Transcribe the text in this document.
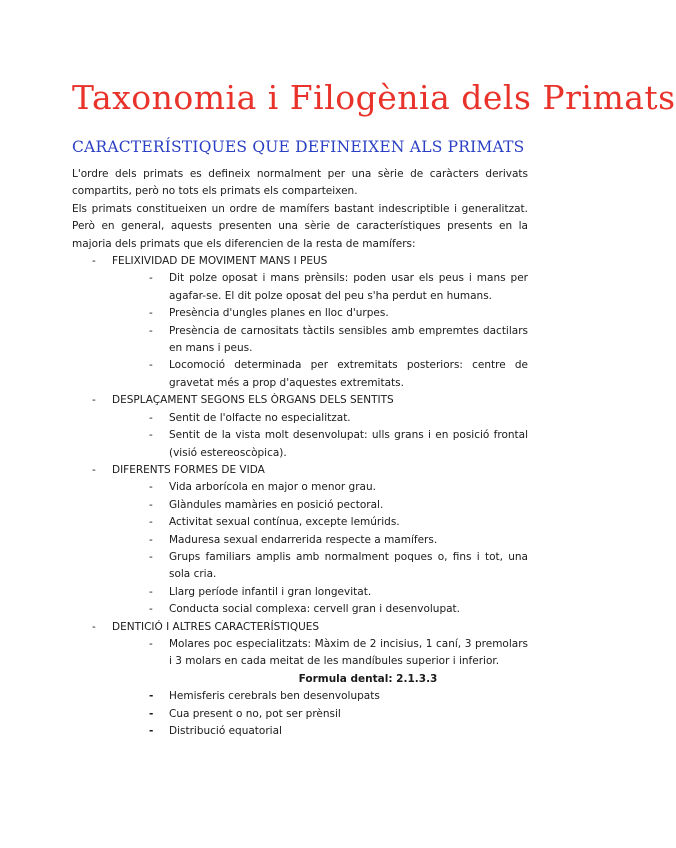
Taxonomia i Filogènia dels Primats
CARACTERÍSTIQUES QUE DEFINEIXEN ALS PRIMATS

L'ordre dels primats es defineix normalment per una sèrie de caràcters derivats compartits, però no tots els primats els comparteixen.

Els primats constitueixen un ordre de mamífers bastant indescriptible i generalitzat. Però en general, aquests presenten una sèrie de característiques presents en la majoria dels primats que els diferencien de la resta de mamífers:

- FELIXIVIDAD DE MOVIMENT MANS I PEUS
- Dit polze oposat i mans prènsils: poden usar els peus i mans per agafar-se. El dit polze oposat del peu s'ha perdut en humans.
- Presència d'ungles planes en lloc d'urpes.
- Presència de carnositats tàctils sensibles amb empremtes dactilars en mans i peus.
- Locomoció determinada per extremitats posteriors: centre de gravetat més a prop d'aquestes extremitats.
- DESPLAÇAMENT SEGONS ELS ÒRGANS DELS SENTITS
- Sentit de l'olfacte no especialitzat.
- Sentit de la vista molt desenvolupat: ulls grans i en posició frontal (visió estereoscòpica).
- DIFERENTS FORMES DE VIDA
- Vida arborícola en major o menor grau.
- Glàndules mamàries en posició pectoral.
- Activitat sexual contínua, excepte lemúrids.
- Maduresa sexual endarrerida respecte a mamífers.
- Grups familiars amplis amb normalment poques o, fins i tot, una sola cria.
- Llarg període infantil i gran longevitat.
- Conducta social complexa: cervell gran i desenvolupat.
- DENTICIÓ I ALTRES CARACTERÍSTIQUES
- Molares poc especialitzats: Màxim de 2 incisius, 1 caní, 3 premolars i 3 molars en cada meitat de les mandíbules superior i inferior.
Formula dental: 2.1.3.3
- Hemisferis cerebrals ben desenvolupats
- Cua present o no, pot ser prènsil
- Distribució equatorial
